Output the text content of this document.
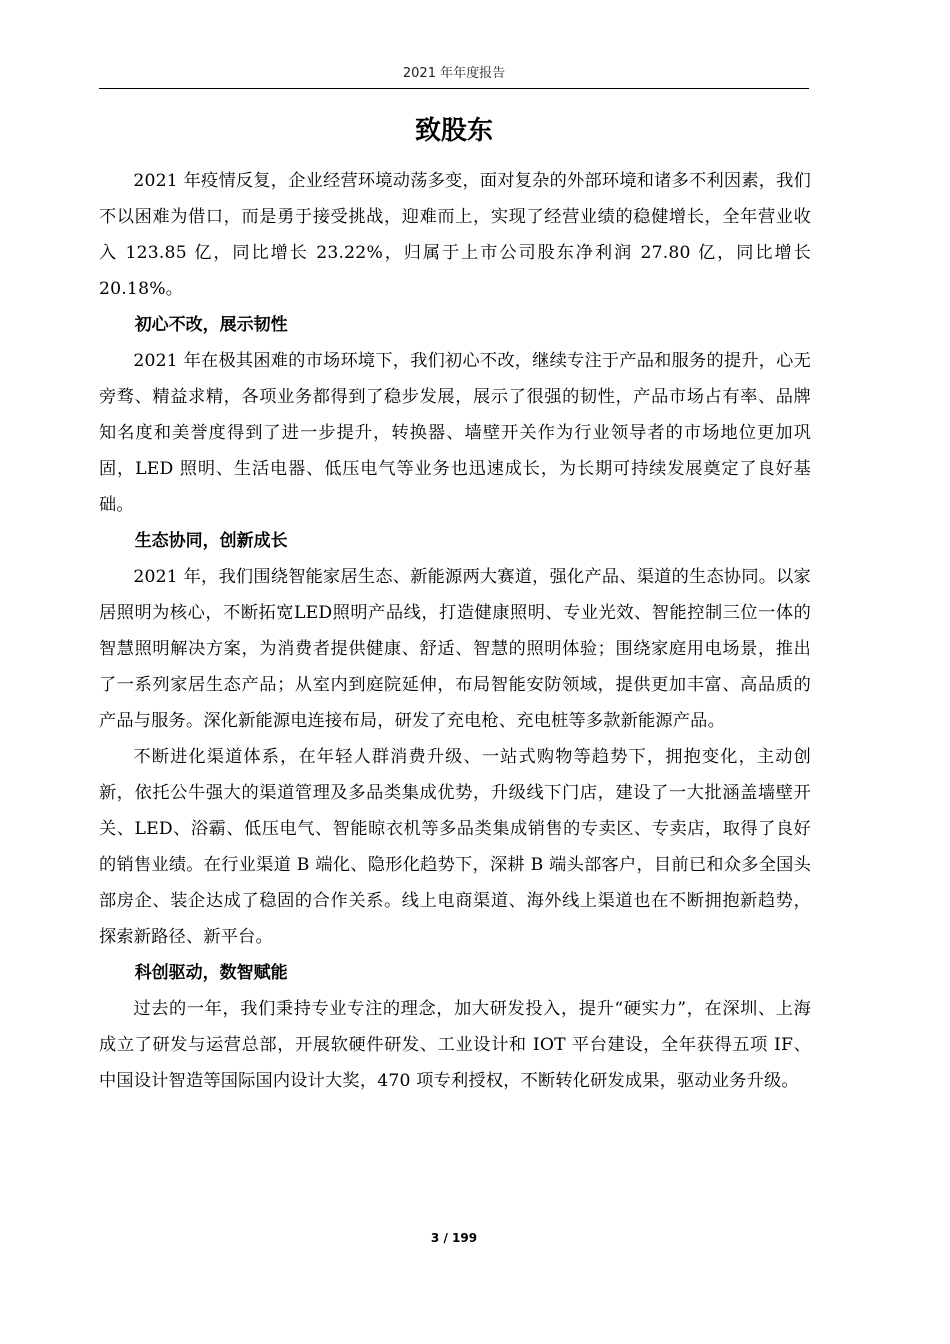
2021 年年度报告
致股东

2021 年疫情反复，企业经营环境动荡多变，面对复杂的外部环境和诸多不利因素，我们不以困难为借口，而是勇于接受挑战，迎难而上，实现了经营业绩的稳健增长，全年营业收入 123.85 亿，同比增长 23.22%，归属于上市公司股东净利润 27.80 亿，同比增长 20.18%。

初心不改，展示韧性

2021 年在极其困难的市场环境下，我们初心不改，继续专注于产品和服务的提升，心无旁骛、精益求精，各项业务都得到了稳步发展，展示了很强的韧性，产品市场占有率、品牌知名度和美誉度得到了进一步提升，转换器、墙壁开关作为行业领导者的市场地位更加巩固，LED 照明、生活电器、低压电气等业务也迅速成长，为长期可持续发展奠定了良好基础。

生态协同，创新成长

2021 年，我们围绕智能家居生态、新能源两大赛道，强化产品、渠道的生态协同。以家居照明为核心，不断拓宽LED照明产品线，打造健康照明、专业光效、智能控制三位一体的智慧照明解决方案，为消费者提供健康、舒适、智慧的照明体验；围绕家庭用电场景，推出了一系列家居生态产品；从室内到庭院延伸，布局智能安防领域，提供更加丰富、高品质的产品与服务。深化新能源电连接布局，研发了充电枪、充电桩等多款新能源产品。

不断进化渠道体系，在年轻人群消费升级、一站式购物等趋势下，拥抱变化，主动创新，依托公牛强大的渠道管理及多品类集成优势，升级线下门店，建设了一大批涵盖墙壁开关、LED、浴霸、低压电气、智能晾衣机等多品类集成销售的专卖区、专卖店，取得了良好的销售业绩。在行业渠道 B 端化、隐形化趋势下，深耕 B 端头部客户，目前已和众多全国头部房企、装企达成了稳固的合作关系。线上电商渠道、海外线上渠道也在不断拥抱新趋势，探索新路径、新平台。

科创驱动，数智赋能

过去的一年，我们秉持专业专注的理念，加大研发投入，提升“硬实力”，在深圳、上海成立了研发与运营总部，开展软硬件研发、工业设计和 IOT 平台建设，全年获得五项 IF、中国设计智造等国际国内设计大奖，470 项专利授权，不断转化研发成果，驱动业务升级。

3 / 199
